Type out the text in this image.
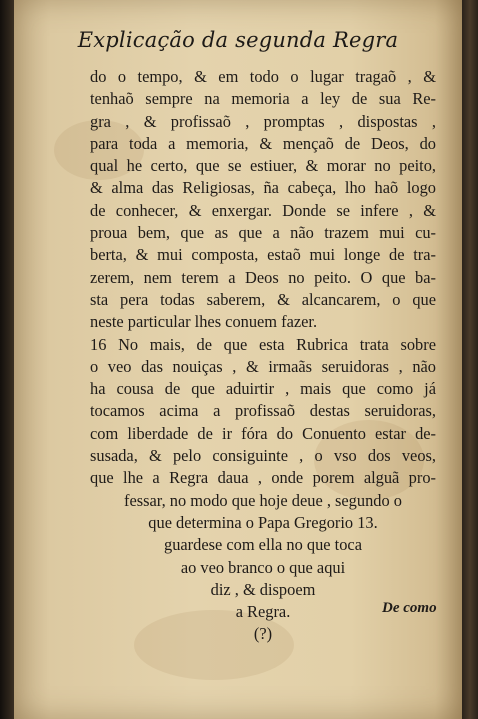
Explicação da segunda Regra
do o tempo, & em todo o lugar tragaõ , &
tenhaõ sempre na memoria a ley de sua Re-
gra , & profissaõ , promptas , dispostas ,
para toda a memoria, & mençaõ de Deos, do
qual he certo, que se estiuer, & morar no peito,
& alma das Religiosas, ña cabeça, lho haõ logo
de conhecer, & enxergar. Donde se infere , &
proua bem, que as que a não trazem mui cu-
berta, & mui composta, estaõ mui longe de tra-
zerem, nem terem a Deos no peito. O que ba-
sta pera todas saberem, & alcancarem, o que
neste particular lhes conuem fazer.
16 No mais, de que esta Rubrica trata sobre
o veo das nouiças , & irmaãs seruidoras , não
ha cousa de que aduirtir , mais que como já
tocamos acima a profissaõ destas seruidoras,
com liberdade de ir fóra do Conuento estar de-
susada, & pelo consiguinte , o vso dos veos,
que lhe a Regra daua , onde porem alguã pro-
fessar, no modo que hoje deue , segundo o
que determina o Papa Gregorio 13.
guardese com ella no que toca
ao veo branco o que aqui
diz , & dispoem
a Regra.
(?)
De como
